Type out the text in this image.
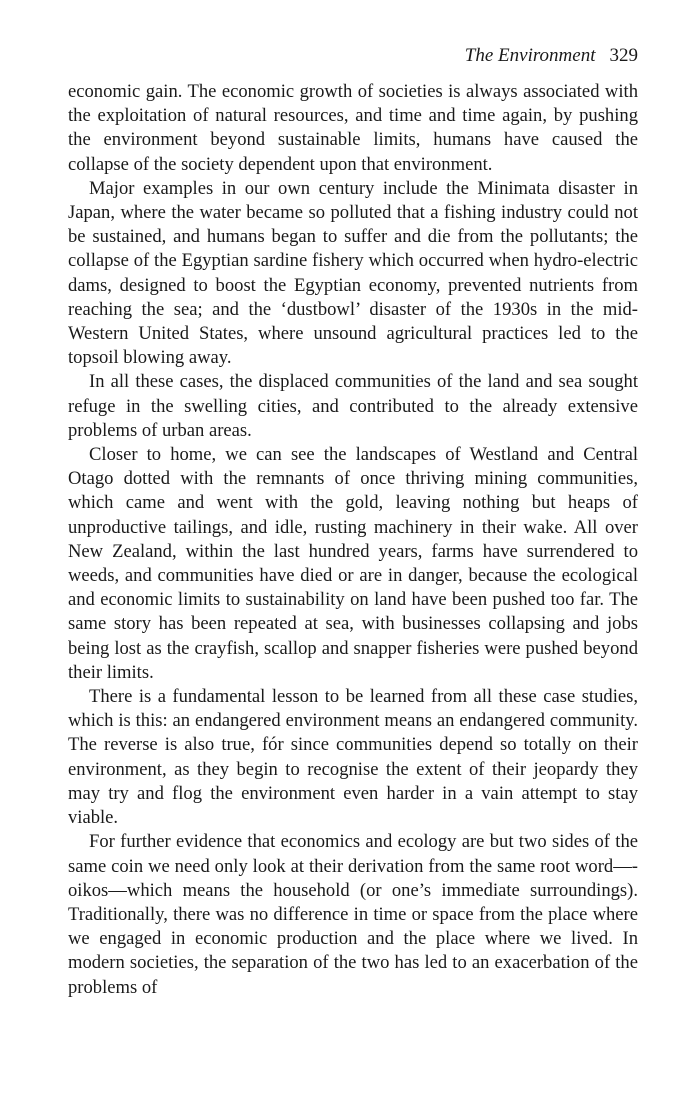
The Environment 329

economic gain. The economic growth of societies is always associated with the exploitation of natural resources, and time and time again, by pushing the environment beyond sustainable limits, humans have caused the collapse of the society dependent upon that environment.

Major examples in our own century include the Minimata disaster in Japan, where the water became so polluted that a fishing industry could not be sustained, and humans began to suffer and die from the pollutants; the collapse of the Egyptian sardine fishery which occurred when hydro-electric dams, designed to boost the Egyptian economy, prevented nutrients from reaching the sea; and the ‘dustbowl’ disaster of the 1930s in the mid-Western United States, where unsound agricultural practices led to the topsoil blowing away.

In all these cases, the displaced communities of the land and sea sought refuge in the swelling cities, and contributed to the already extensive problems of urban areas.

Closer to home, we can see the landscapes of Westland and Central Otago dotted with the remnants of once thriving mining communities, which came and went with the gold, leaving nothing but heaps of unproductive tailings, and idle, rusting machinery in their wake. All over New Zealand, within the last hundred years, farms have surrendered to weeds, and communities have died or are in danger, because the ecological and economic limits to sustainability on land have been pushed too far. The same story has been repeated at sea, with businesses collapsing and jobs being lost as the crayfish, scallop and snapper fisheries were pushed beyond their limits.

There is a fundamental lesson to be learned from all these case studies, which is this: an endangered environment means an endangered community. The reverse is also true, fór since communities depend so totally on their environment, as they begin to recognise the extent of their jeopardy they may try and flog the environment even harder in a vain attempt to stay viable.

For further evidence that economics and ecology are but two sides of the same coin we need only look at their derivation from the same root word—-oikos—which means the household (or one’s immediate surroundings). Traditionally, there was no difference in time or space from the place where we engaged in economic production and the place where we lived. In modern societies, the separation of the two has led to an exacerbation of the problems of
